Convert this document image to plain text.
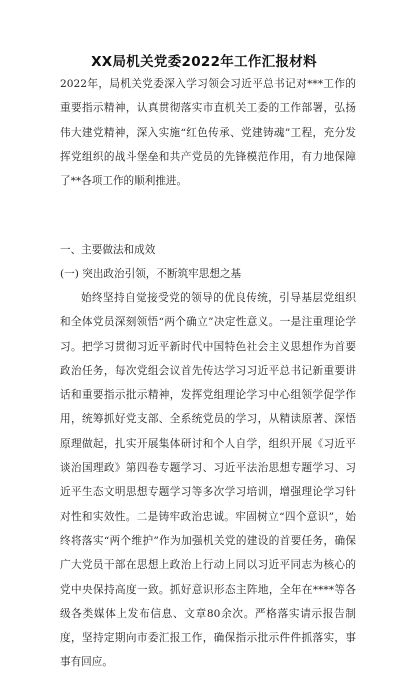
XX局机关党委2022年工作汇报材料

2022年，局机关党委深入学习领会习近平总书记对***工作的重要指示精神，认真贯彻落实市直机关工委的工作部署，弘扬伟大建党精神，深入实施“红色传承、党建铸魂”工程，充分发挥党组织的战斗堡垒和共产党员的先锋模范作用，有力地保障了**各项工作的顺利推进。

一、主要做法和成效

(一) 突出政治引领，不断筑牢思想之基

始终坚持自觉接受党的领导的优良传统，引导基层党组织和全体党员深刻领悟“两个确立”决定性意义。一是注重理论学习。把学习贯彻习近平新时代中国特色社会主义思想作为首要政治任务，每次党组会议首先传达学习习近平总书记新重要讲话和重要指示批示精神，发挥党组理论学习中心组领学促学作用，统筹抓好党支部、全系统党员的学习，从精读原著、深悟原理做起，扎实开展集体研讨和个人自学，组织开展《习近平谈治国理政》第四卷专题学习、习近平法治思想专题学习、习近平生态文明思想专题学习等多次学习培训，增强理论学习针对性和实效性。二是铸牢政治忠诚。牢固树立“四个意识”，始终将落实“两个维护”作为加强机关党的建设的首要任务，确保广大党员干部在思想上政治上行动上同以习近平同志为核心的党中央保持高度一致。抓好意识形态主阵地，全年在****等各级各类媒体上发布信息、文章80余次。严格落实请示报告制度，坚持定期向市委汇报工作，确保指示批示件件抓落实，事事有回应。
